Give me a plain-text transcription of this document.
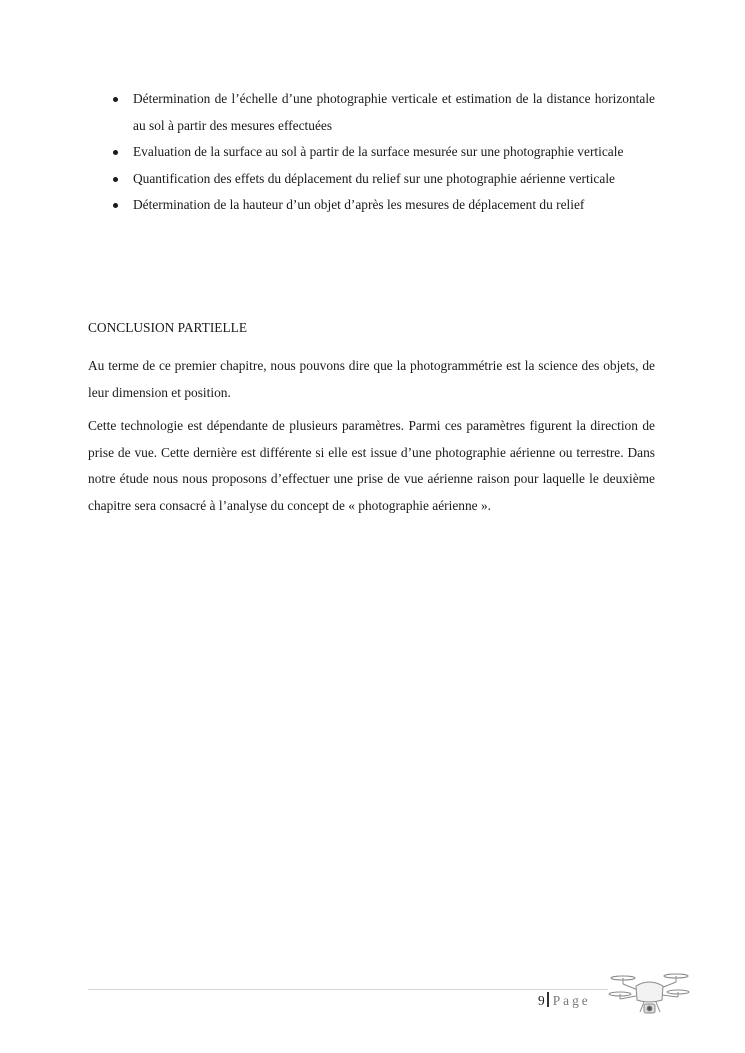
Détermination de l’échelle d’une photographie verticale et estimation de la distance horizontale au sol à partir des mesures effectuées
Evaluation de la surface au sol à partir de la surface mesurée sur une photographie verticale
Quantification des effets du déplacement du relief sur une photographie aérienne verticale
Détermination de la hauteur d’un objet d’après les mesures de déplacement du relief
CONCLUSION PARTIELLE

Au terme de ce premier chapitre, nous pouvons dire que la photogrammétrie est la science des objets, de leur dimension et position.

Cette technologie est dépendante de plusieurs paramètres. Parmi ces paramètres figurent la direction de prise de vue. Cette dernière est différente si elle est issue d’une photographie aérienne ou terrestre. Dans notre étude nous nous proposons d’effectuer une prise de vue aérienne raison pour laquelle le deuxième chapitre sera consacré à l’analyse du concept de « photographie aérienne ».

9 Page
